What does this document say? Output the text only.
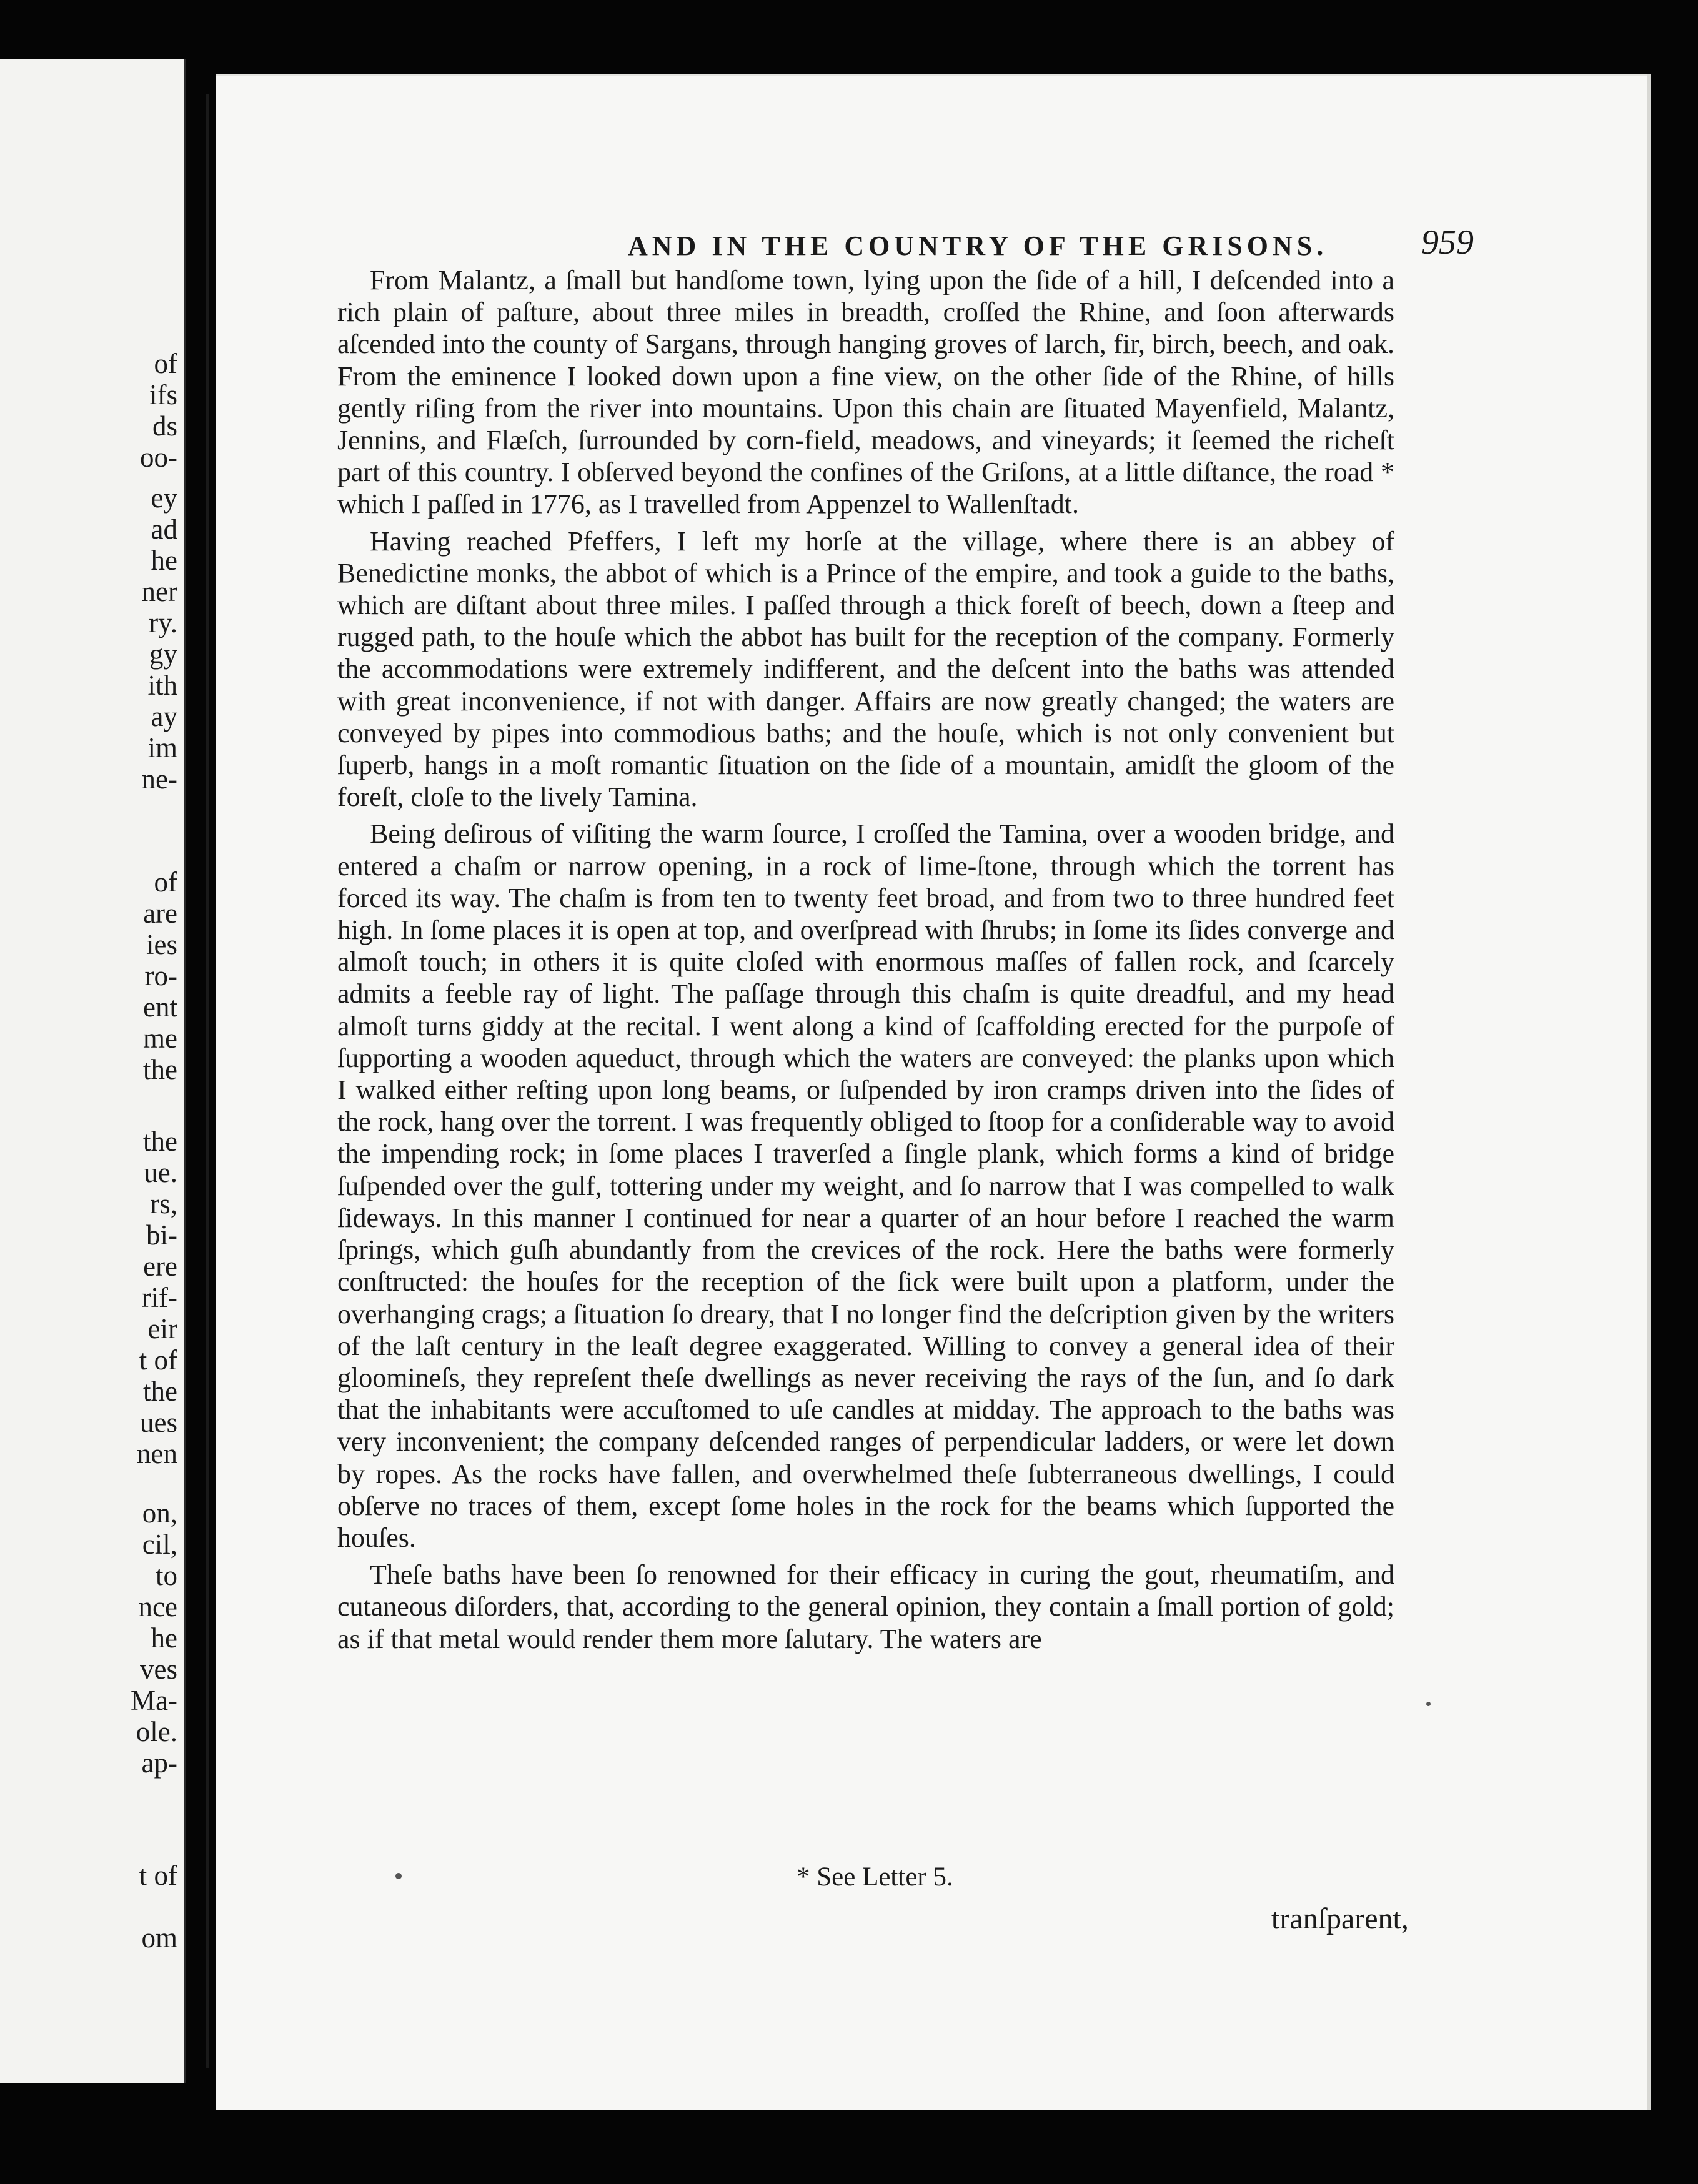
of
ifs
ds
oo-
ey
ad
he
ner
ry.
gy
ith
ay
im
ne-
of
are
ies
ro-
ent
me
the
the
ue.
rs,
bi-
ere
rif-
eir
t of
the
ues
nen
on,
cil,
to
nce
he
ves
Ma-
ole.
ap-
t of
om
AND IN THE COUNTRY OF THE GRISONS.	959

From Malantz, a ſmall but handſome town, lying upon the ſide of a hill, I deſcended into a rich plain of paſture, about three miles in breadth, croſſed the Rhine, and ſoon afterwards aſcended into the county of Sargans, through hanging groves of larch, fir, birch, beech, and oak. From the eminence I looked down upon a fine view, on the other ſide of the Rhine, of hills gently riſing from the river into mountains. Upon this chain are ſituated Mayenfield, Malantz, Jennins, and Flæſch, ſurrounded by corn-field, meadows, and vineyards; it ſeemed the richeſt part of this country. I obſerved beyond the confines of the Griſons, at a little diſtance, the road * which I paſſed in 1776, as I travelled from Appenzel to Wallenſtadt.

Having reached Pfeffers, I left my horſe at the village, where there is an abbey of Benedictine monks, the abbot of which is a Prince of the empire, and took a guide to the baths, which are diſtant about three miles. I paſſed through a thick foreſt of beech, down a ſteep and rugged path, to the houſe which the abbot has built for the reception of the company. Formerly the accommodations were extremely indifferent, and the deſcent into the baths was attended with great inconvenience, if not with danger. Affairs are now greatly changed; the waters are conveyed by pipes into commodious baths; and the houſe, which is not only convenient but ſuperb, hangs in a moſt romantic ſituation on the ſide of a mountain, amidſt the gloom of the foreſt, cloſe to the lively Tamina.

Being deſirous of viſiting the warm ſource, I croſſed the Tamina, over a wooden bridge, and entered a chaſm or narrow opening, in a rock of lime-ſtone, through which the torrent has forced its way. The chaſm is from ten to twenty feet broad, and from two to three hundred feet high. In ſome places it is open at top, and overſpread with ſhrubs; in ſome its ſides converge and almoſt touch; in others it is quite cloſed with enormous maſſes of fallen rock, and ſcarcely admits a feeble ray of light. The paſſage through this chaſm is quite dreadful, and my head almoſt turns giddy at the recital. I went along a kind of ſcaffolding erected for the purpoſe of ſupporting a wooden aqueduct, through which the waters are conveyed: the planks upon which I walked either reſting upon long beams, or ſuſpended by iron cramps driven into the ſides of the rock, hang over the torrent. I was frequently obliged to ſtoop for a conſiderable way to avoid the impending rock; in ſome places I traverſed a ſingle plank, which forms a kind of bridge ſuſpended over the gulf, tottering under my weight, and ſo narrow that I was compelled to walk ſideways. In this manner I continued for near a quarter of an hour before I reached the warm ſprings, which guſh abundantly from the crevices of the rock. Here the baths were formerly conſtructed: the houſes for the reception of the ſick were built upon a platform, under the overhanging crags; a ſituation ſo dreary, that I no longer find the deſcription given by the writers of the laſt century in the leaſt degree exaggerated. Willing to convey a general idea of their gloomineſs, they repreſent theſe dwellings as never receiving the rays of the ſun, and ſo dark that the inhabitants were accuſtomed to uſe candles at midday. The approach to the baths was very inconvenient; the company deſcended ranges of perpendicular ladders, or were let down by ropes. As the rocks have fallen, and overwhelmed theſe ſubterraneous dwellings, I could obſerve no traces of them, except ſome holes in the rock for the beams which ſupported the houſes.

Theſe baths have been ſo renowned for their efficacy in curing the gout, rheumatiſm, and cutaneous diſorders, that, according to the general opinion, they contain a ſmall portion of gold; as if that metal would render them more ſalutary. The waters are

* See Letter 5.
tranſparent,
